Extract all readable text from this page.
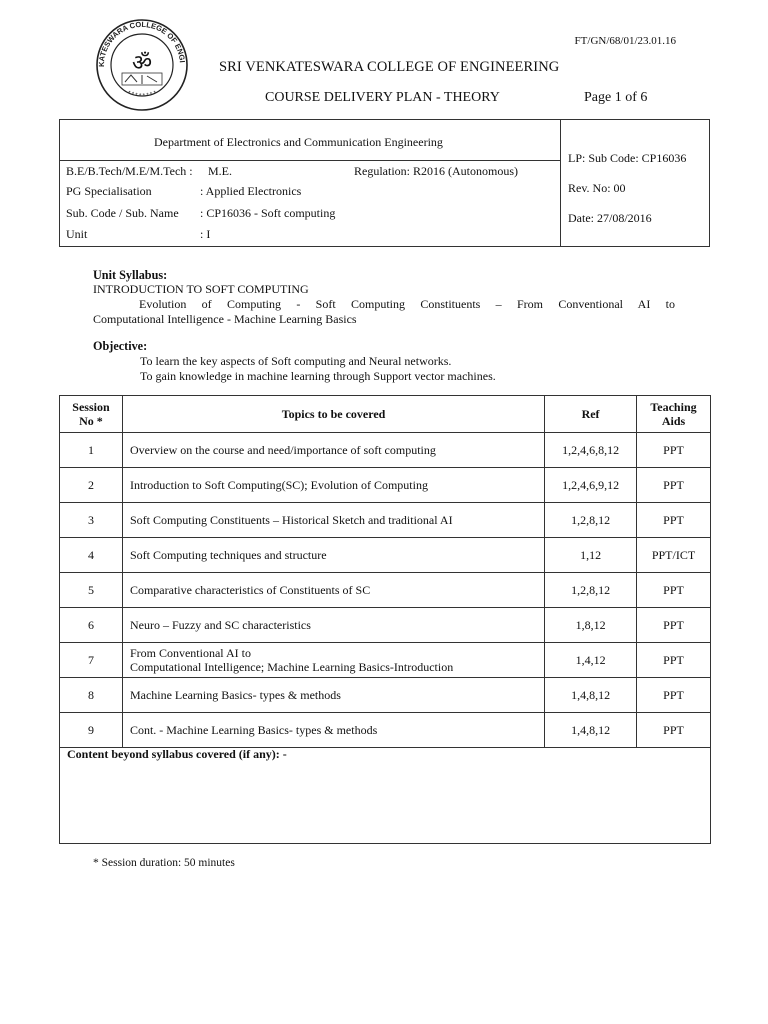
KATESWARA COLLEGE OF ENGI
* * * * * * * *
ॐ
FT/GN/68/01/23.01.16
SRI VENKATESWARA COLLEGE OF ENGINEERING
COURSE DELIVERY PLAN - THEORY	Page 1 of 6
Department of Electronics and Communication Engineering
B.E/B.Tech/M.E/M.Tech : M.E.	Regulation: R2016 (Autonomous)
PG Specialisation	: Applied Electronics
Sub. Code / Sub. Name : CP16036 - Soft computing
Unit	: I
LP: Sub Code: CP16036
Rev. No: 00
Date: 27/08/2016
Unit Syllabus:
INTRODUCTION TO SOFT COMPUTING
Evolution of Computing - Soft Computing Constituents – From Conventional AI to
Computational Intelligence - Machine Learning Basics
Objective:
To learn the key aspects of Soft computing and Neural networks.
To gain knowledge in machine learning through Support vector machines.
Session No *	Topics to be covered	Ref	Teaching Aids
1	Overview on the course and need/importance of soft computing	1,2,4,6,8,12	PPT
2	Introduction to Soft Computing(SC); Evolution of Computing	1,2,4,6,9,12	PPT
3	Soft Computing Constituents – Historical Sketch and traditional AI	1,2,8,12	PPT
4	Soft Computing techniques and structure	1,12	PPT/ICT
5	Comparative characteristics of Constituents of SC	1,2,8,12	PPT
6	Neuro – Fuzzy and SC characteristics	1,8,12	PPT
7	From Conventional AI to
Computational Intelligence; Machine Learning Basics-Introduction	1,4,12	PPT
8	Machine Learning Basics- types & methods	1,4,8,12	PPT
9	Cont. - Machine Learning Basics- types & methods	1,4,8,12	PPT
Content beyond syllabus covered (if any): -
* Session duration: 50 minutes
